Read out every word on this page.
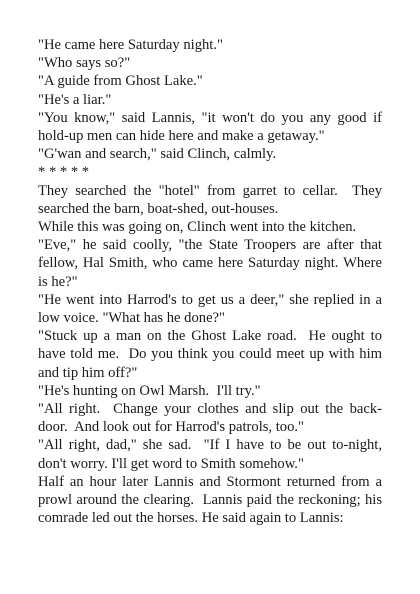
"He came here Saturday night."

"Who says so?"

"A guide from Ghost Lake."

"He's a liar."

"You know," said Lannis, "it won't do you any good if hold-up men can hide here and make a getaway."

"G'wan and search," said Clinch, calmly.

* * * * *

They searched the "hotel" from garret to cellar.  They searched the barn, boat-shed, out-houses.

While this was going on, Clinch went into the kitchen.

"Eve," he said coolly, "the State Troopers are after that fellow, Hal Smith, who came here Saturday night. Where is he?"

"He went into Harrod's to get us a deer," she replied in a low voice. "What has he done?"

"Stuck up a man on the Ghost Lake road.  He ought to have told me.  Do you think you could meet up with him and tip him off?"

"He's hunting on Owl Marsh.  I'll try."

"All right.  Change your clothes and slip out the back-door.  And look out for Harrod's patrols, too."

"All right, dad," she sad.  "If I have to be out to-night, don't worry. I'll get word to Smith somehow."

Half an hour later Lannis and Stormont returned from a prowl around the clearing.  Lannis paid the reckoning; his comrade led out the horses. He said again to Lannis:
